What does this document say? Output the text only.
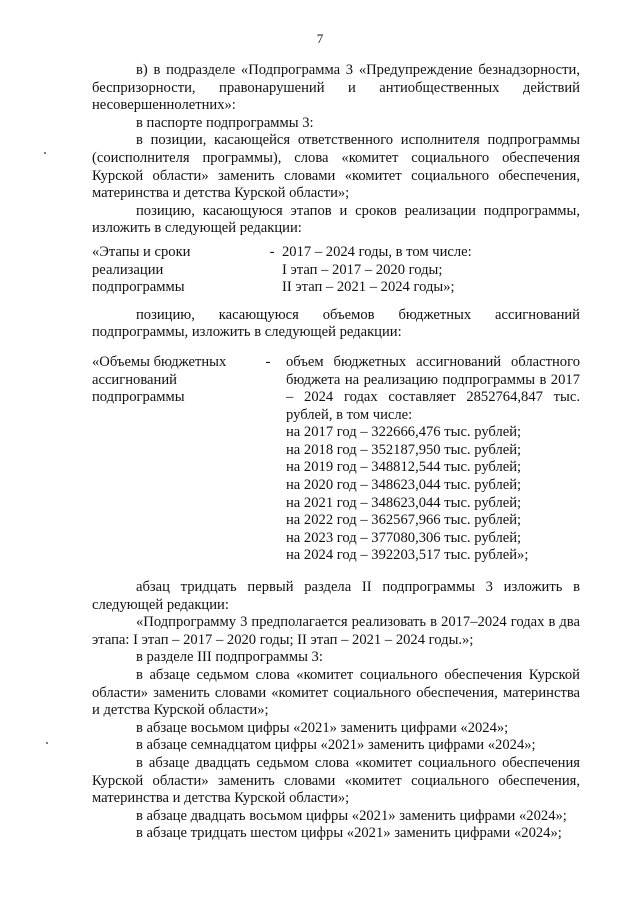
7

в) в подразделе «Подпрограмма 3 «Предупреждение безнадзорности, беспризорности, правонарушений и антиобщественных действий несовершеннолетних»:

в паспорте подпрограммы 3:

в позиции, касающейся ответственного исполнителя подпрограммы (соисполнителя программы), слова «комитет социального обеспечения Курской области» заменить словами «комитет социального обеспечения, материнства и детства Курской области»;

позицию, касающуюся этапов и сроков реализации подпрограммы, изложить в следующей редакции:

«Этапы и сроки
реализации
подпрограммы
- 2017 – 2024 годы, в том числе:
I этап – 2017 – 2020 годы;
II этап – 2021 – 2024 годы»;

позицию, касающуюся объемов бюджетных ассигнований подпрограммы, изложить в следующей редакции:

«Объемы бюджетных ассигнований подпрограммы
-	объем бюджетных ассигнований областного бюджета на реализацию подпрограммы в 2017 – 2024 годах составляет 2852764,847 тыс. рублей, в том числе:
на 2017 год – 322666,476 тыс. рублей;
на 2018 год – 352187,950 тыс. рублей;
на 2019 год – 348812,544 тыс. рублей;
на 2020 год – 348623,044 тыс. рублей;
на 2021 год – 348623,044 тыс. рублей;
на 2022 год – 362567,966 тыс. рублей;
на 2023 год – 377080,306 тыс. рублей;
на 2024 год – 392203,517 тыс. рублей»;

абзац тридцать первый раздела II подпрограммы 3 изложить в следующей редакции:

«Подпрограмму 3 предполагается реализовать в 2017–2024 годах в два этапа: I этап – 2017 – 2020 годы; II этап – 2021 – 2024 годы.»;

в разделе III подпрограммы 3:

в абзаце седьмом слова «комитет социального обеспечения Курской области» заменить словами «комитет социального обеспечения, материнства и детства Курской области»;

в абзаце восьмом цифры «2021» заменить цифрами «2024»;

в абзаце семнадцатом цифры «2021» заменить цифрами «2024»;

в абзаце двадцать седьмом слова «комитет социального обеспечения Курской области» заменить словами «комитет социального обеспечения, материнства и детства Курской области»;

в абзаце двадцать восьмом цифры «2021» заменить цифрами «2024»;

в абзаце тридцать шестом цифры «2021» заменить цифрами «2024»;
